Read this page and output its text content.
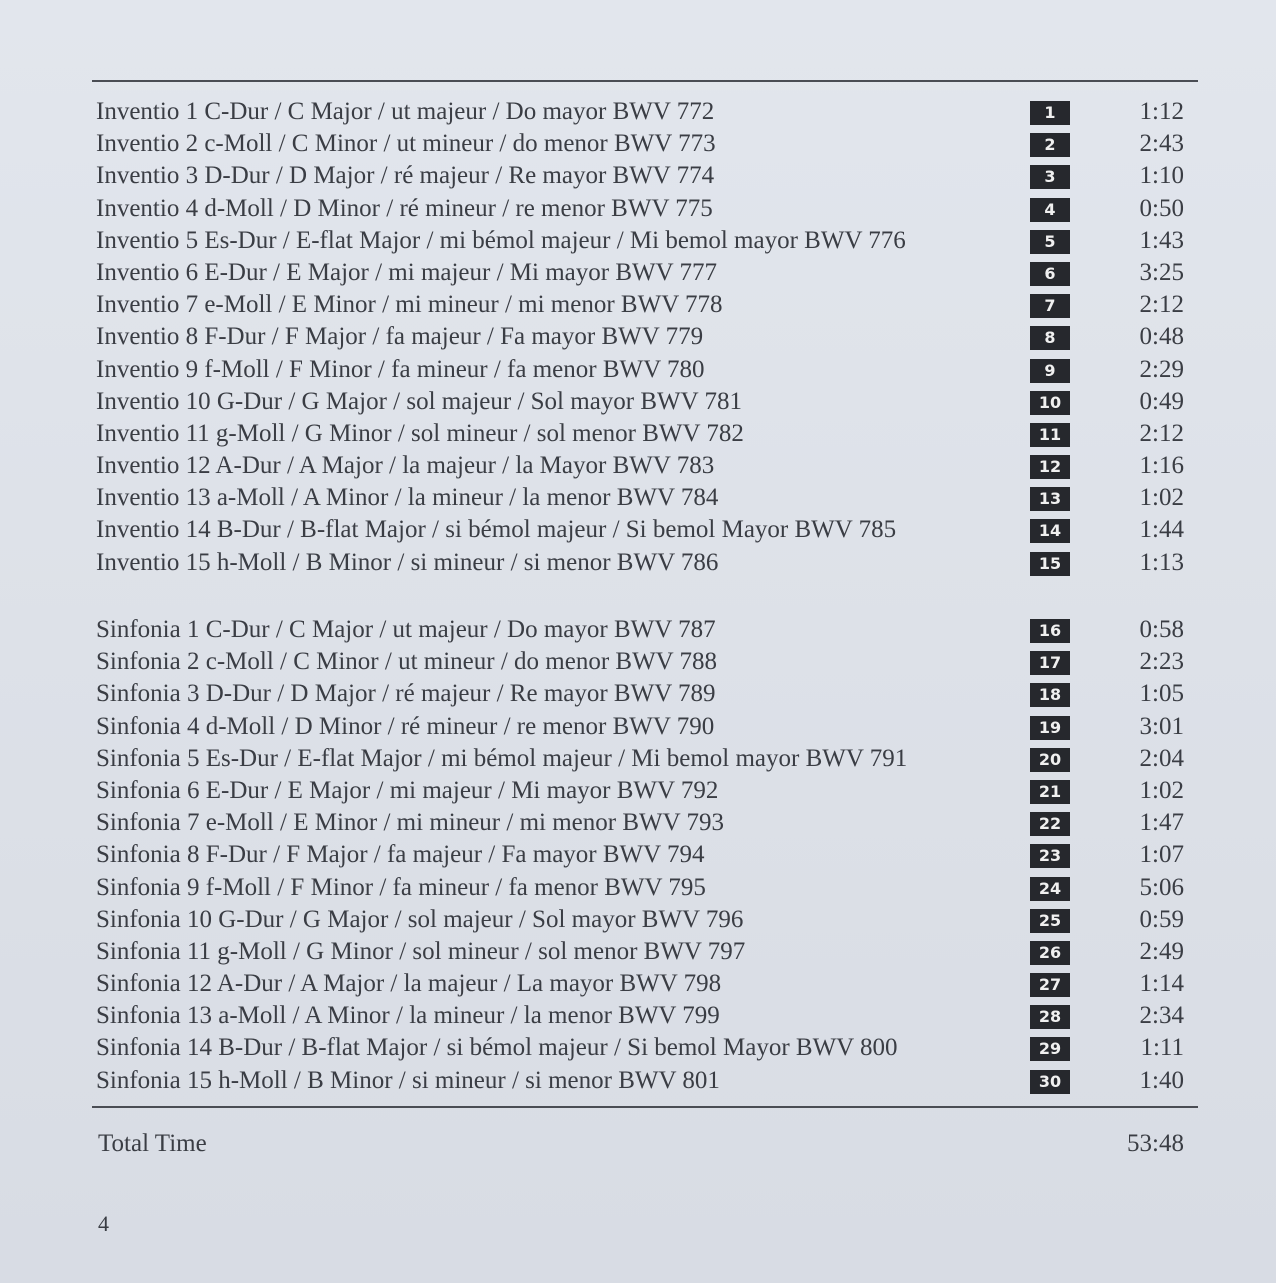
Inventio 1 C-Dur / C Major / ut majeur / Do mayor BWV 772	1	1:12
Inventio 2 c-Moll / C Minor / ut mineur / do menor BWV 773	2	2:43
Inventio 3 D-Dur / D Major / ré majeur / Re mayor BWV 774	3	1:10
Inventio 4 d-Moll / D Minor / ré mineur / re menor BWV 775	4	0:50
Inventio 5 Es-Dur / E-flat Major / mi bémol majeur / Mi bemol mayor BWV 776	5	1:43
Inventio 6 E-Dur / E Major / mi majeur / Mi mayor BWV 777	6	3:25
Inventio 7 e-Moll / E Minor / mi mineur / mi menor BWV 778	7	2:12
Inventio 8 F-Dur / F Major / fa majeur / Fa mayor BWV 779	8	0:48
Inventio 9 f-Moll / F Minor / fa mineur / fa menor BWV 780	9	2:29
Inventio 10 G-Dur / G Major / sol majeur / Sol mayor BWV 781	10	0:49
Inventio 11 g-Moll / G Minor / sol mineur / sol menor BWV 782	11	2:12
Inventio 12 A-Dur / A Major / la majeur / la Mayor BWV 783	12	1:16
Inventio 13 a-Moll / A Minor / la mineur / la menor BWV 784	13	1:02
Inventio 14 B-Dur / B-flat Major / si bémol majeur / Si bemol Mayor BWV 785	14	1:44
Inventio 15 h-Moll / B Minor / si mineur / si menor BWV 786	15	1:13
Sinfonia 1 C-Dur / C Major / ut majeur / Do mayor BWV 787	16	0:58
Sinfonia 2 c-Moll / C Minor / ut mineur / do menor BWV 788	17	2:23
Sinfonia 3 D-Dur / D Major / ré majeur / Re mayor BWV 789	18	1:05
Sinfonia 4 d-Moll / D Minor / ré mineur / re menor BWV 790	19	3:01
Sinfonia 5 Es-Dur / E-flat Major / mi bémol majeur / Mi bemol mayor BWV 791	20	2:04
Sinfonia 6 E-Dur / E Major / mi majeur / Mi mayor BWV 792	21	1:02
Sinfonia 7 e-Moll / E Minor / mi mineur / mi menor BWV 793	22	1:47
Sinfonia 8 F-Dur / F Major / fa majeur / Fa mayor BWV 794	23	1:07
Sinfonia 9 f-Moll / F Minor / fa mineur / fa menor BWV 795	24	5:06
Sinfonia 10 G-Dur / G Major / sol majeur / Sol mayor BWV 796	25	0:59
Sinfonia 11 g-Moll / G Minor / sol mineur / sol menor BWV 797	26	2:49
Sinfonia 12 A-Dur / A Major / la majeur / La mayor BWV 798	27	1:14
Sinfonia 13 a-Moll / A Minor / la mineur / la menor BWV 799	28	2:34
Sinfonia 14 B-Dur / B-flat Major / si bémol majeur / Si bemol Mayor BWV 800	29	1:11
Sinfonia 15 h-Moll / B Minor / si mineur / si menor BWV 801	30	1:40
Total Time	53:48
4
